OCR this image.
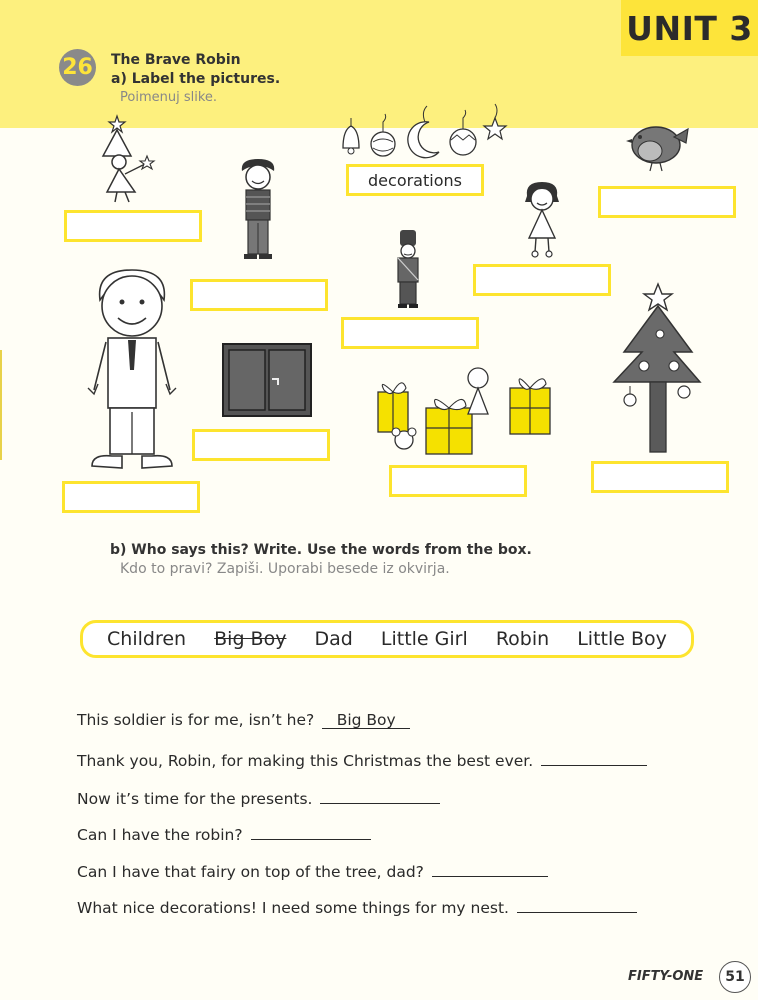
UNIT 3
26 The Brave Robin
a) Label the pictures.
Poimenuj slike.
decorations
b) Who says this? Write. Use the words from the box.
Kdo to pravi? Zapiši. Uporabi besede iz okvirja.
Children Big Boy Dad Little Girl Robin Little Boy
This soldier is for me, isn’t he? Big Boy
Thank you, Robin, for making this Christmas the best ever.
Now it’s time for the presents.
Can I have the robin?
Can I have that fairy on top of the tree, dad?
What nice decorations! I need some things for my nest.
FIFTY-ONE	51
